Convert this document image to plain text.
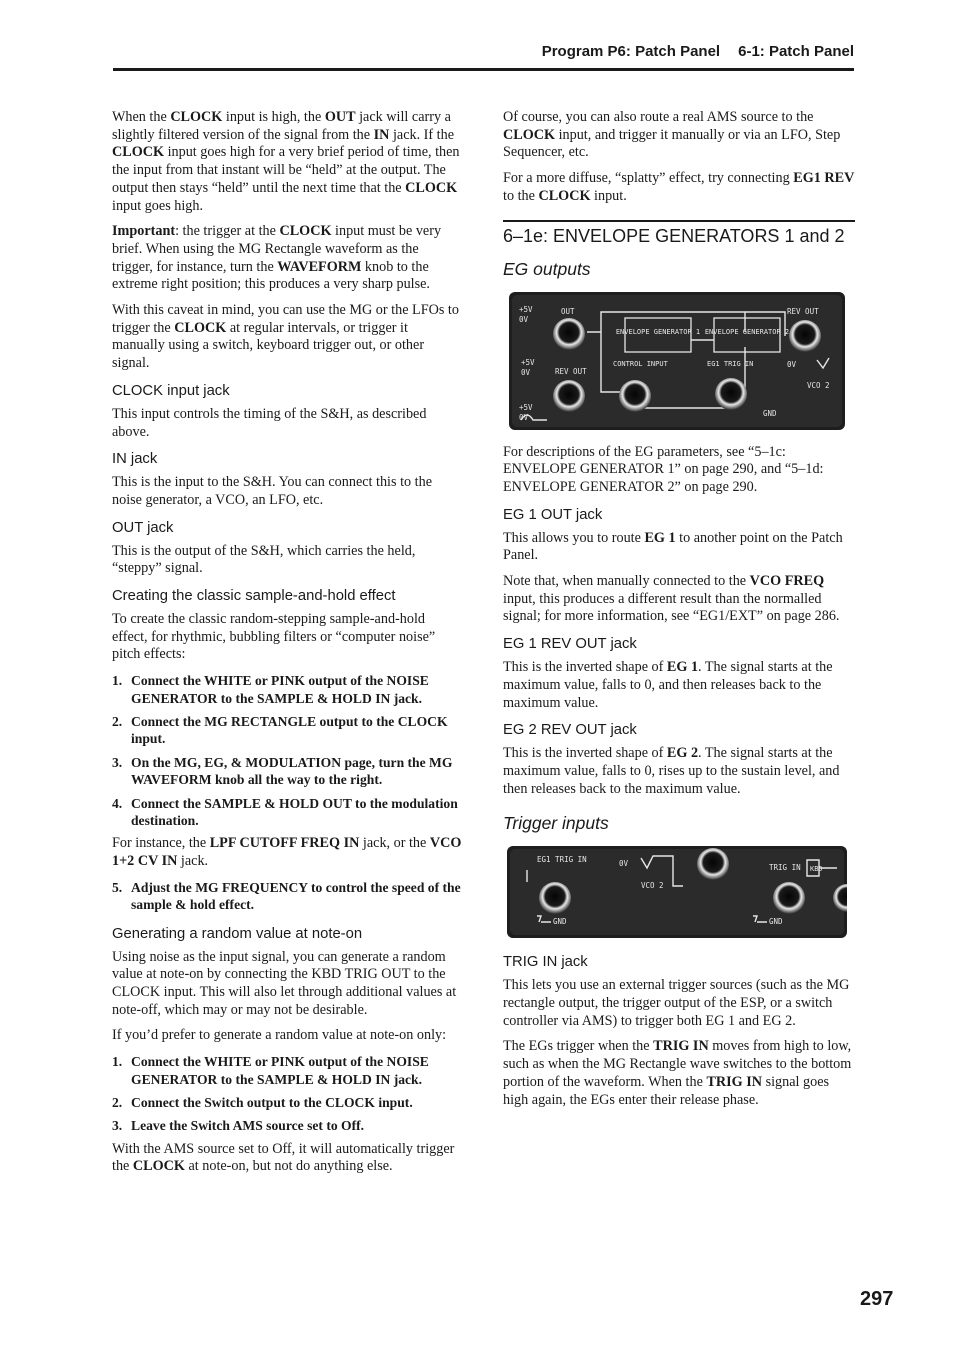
Program P6: Patch Panel 6-1: Patch Panel

When the CLOCK input is high, the OUT jack will carry a slightly filtered version of the signal from the IN jack. If the CLOCK input goes high for a very brief period of time, then the input from that instant will be “held” at the output. The output then stays “held” until the next time that the CLOCK input goes high.

Important: the trigger at the CLOCK input must be very brief. When using the MG Rectangle waveform as the trigger, for instance, turn the WAVEFORM knob to the extreme right position; this produces a very sharp pulse.

With this caveat in mind, you can use the MG or the LFOs to trigger the CLOCK at regular intervals, or trigger it manually using a switch, keyboard trigger out, or other signal.

CLOCK input jack

This input controls the timing of the S&H, as described above.

IN jack

This is the input to the S&H. You can connect this to the noise generator, a VCO, an LFO, etc.

OUT jack

This is the output of the S&H, which carries the held, “steppy” signal.

Creating the classic sample-and-hold effect

To create the classic random-stepping sample-and-hold effect, for rhythmic, bubbling filters or “computer noise” pitch effects:

1. Connect the WHITE or PINK output of the NOISE GENERATOR to the SAMPLE & HOLD IN jack.
2. Connect the MG RECTANGLE output to the CLOCK input.
3. On the MG, EG, & MODULATION page, turn the MG WAVEFORM knob all the way to the right.
4. Connect the SAMPLE & HOLD OUT to the modulation destination.

For instance, the LPF CUTOFF FREQ IN jack, or the VCO 1+2 CV IN jack.

5. Adjust the MG FREQUENCY to control the speed of the sample & hold effect.
Generating a random value at note-on

Using noise as the input signal, you can generate a random value at note-on by connecting the KBD TRIG OUT to the CLOCK input. This will also let through additional values at note-off, which may or may not be desirable.

If you’d prefer to generate a random value at note-on only:

1. Connect the WHITE or PINK output of the NOISE GENERATOR to the SAMPLE & HOLD IN jack.
2. Connect the Switch output to the CLOCK input.
3. Leave the Switch AMS source set to Off.

With the AMS source set to Off, it will automatically trigger the CLOCK at note-on, but not do anything else.

Of course, you can also route a real AMS source to the CLOCK input, and trigger it manually or via an LFO, Step Sequencer, etc.

For a more diffuse, “splatty” effect, try connecting EG1 REV to the CLOCK input.

6–1e: ENVELOPE GENERATORS 1 and 2
EG outputs
+5V
0V
OUT	REV OUT
+5V
0V	REV OUT
0V
VCO 2
+5V
0V	GND
ENVELOPE GENERATOR 1 ENVELOPE GENERATOR 2
CONTROL INPUT	EG1 TRIG IN

For descriptions of the EG parameters, see “5–1c: ENVELOPE GENERATOR 1” on page 290, and “5–1d: ENVELOPE GENERATOR 2” on page 290.

EG 1 OUT jack

This allows you to route EG 1 to another point on the Patch Panel.

Note that, when manually connected to the VCO FREQ input, this produces a different result than the normalled signal; for more information, see “EG1/EXT” on page 286.

EG 1 REV OUT jack

This is the inverted shape of EG 1. The signal starts at the maximum value, falls to 0, and then releases back to the maximum value.

EG 2 REV OUT jack

This is the inverted shape of EG 2. The signal starts at the maximum value, falls to 0, rises up to the sustain level, and then releases back to the maximum value.

Trigger inputs
EG1 TRIG IN	0V
VCO 2
TRIG IN KBD
GND	GND
TRIG IN jack

This lets you use an external trigger sources (such as the MG rectangle output, the trigger output of the ESP, or a switch controller via AMS) to trigger both EG 1 and EG 2.

The EGs trigger when the TRIG IN moves from high to low, such as when the MG Rectangle wave switches to the bottom portion of the waveform. When the TRIG IN signal goes high again, the EGs enter their release phase.

297
